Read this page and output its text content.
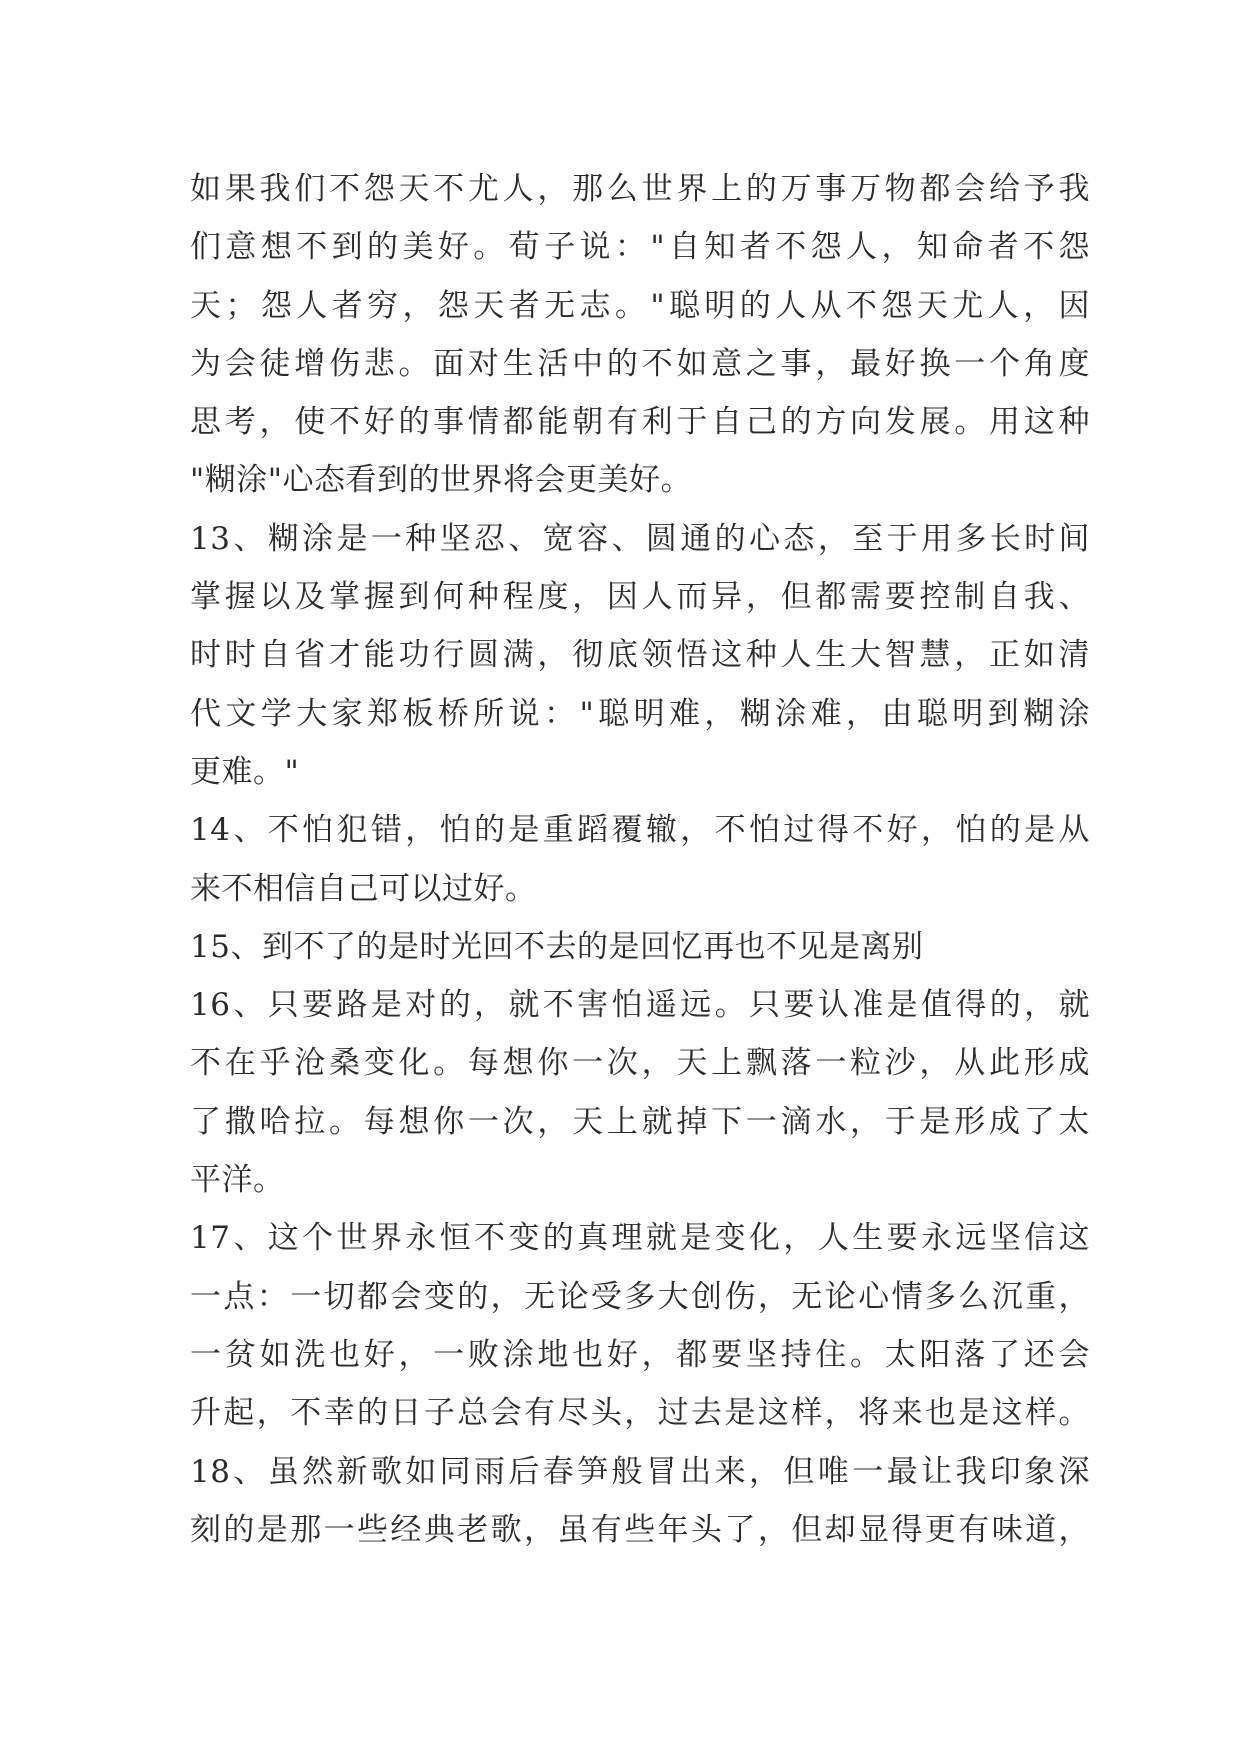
如果我们不怨天不尤人，那么世界上的万事万物都会给予我
们意想不到的美好。荀子说："自知者不怨人，知命者不怨
天；怨人者穷，怨天者无志。"聪明的人从不怨天尤人，因
为会徒增伤悲。面对生活中的不如意之事，最好换一个角度
思考，使不好的事情都能朝有利于自己的方向发展。用这种
"糊涂"心态看到的世界将会更美好。
13、糊涂是一种坚忍、宽容、圆通的心态，至于用多长时间
掌握以及掌握到何种程度，因人而异，但都需要控制自我、
时时自省才能功行圆满，彻底领悟这种人生大智慧，正如清
代文学大家郑板桥所说："聪明难，糊涂难，由聪明到糊涂
更难。"
14、不怕犯错，怕的是重蹈覆辙，不怕过得不好，怕的是从
来不相信自己可以过好。
15、到不了的是时光回不去的是回忆再也不见是离别
16、只要路是对的，就不害怕遥远。只要认准是值得的，就
不在乎沧桑变化。每想你一次，天上飘落一粒沙，从此形成
了撒哈拉。每想你一次，天上就掉下一滴水，于是形成了太
平洋。
17、这个世界永恒不变的真理就是变化，人生要永远坚信这
一点：一切都会变的，无论受多大创伤，无论心情多么沉重，
一贫如洗也好，一败涂地也好，都要坚持住。太阳落了还会
升起，不幸的日子总会有尽头，过去是这样，将来也是这样。
18、虽然新歌如同雨后春笋般冒出来，但唯一最让我印象深
刻的是那一些经典老歌，虽有些年头了，但却显得更有味道，
